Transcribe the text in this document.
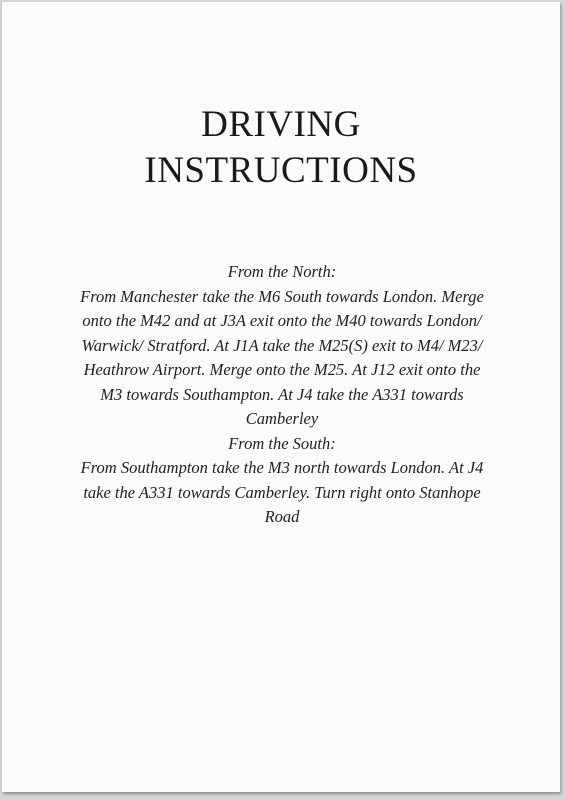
DRIVING
INSTRUCTIONS

From the North:

From Manchester take the M6 South towards London. Merge onto the M42 and at J3A exit onto the M40 towards London/ Warwick/ Stratford. At J1A take the M25(S) exit to M4/ M23/ Heathrow Airport. Merge onto the M25. At J12 exit onto the M3 towards Southampton. At J4 take the A331 towards Camberley

From the South:

From Southampton take the M3 north towards London. At J4 take the A331 towards Camberley. Turn right onto Stanhope Road
